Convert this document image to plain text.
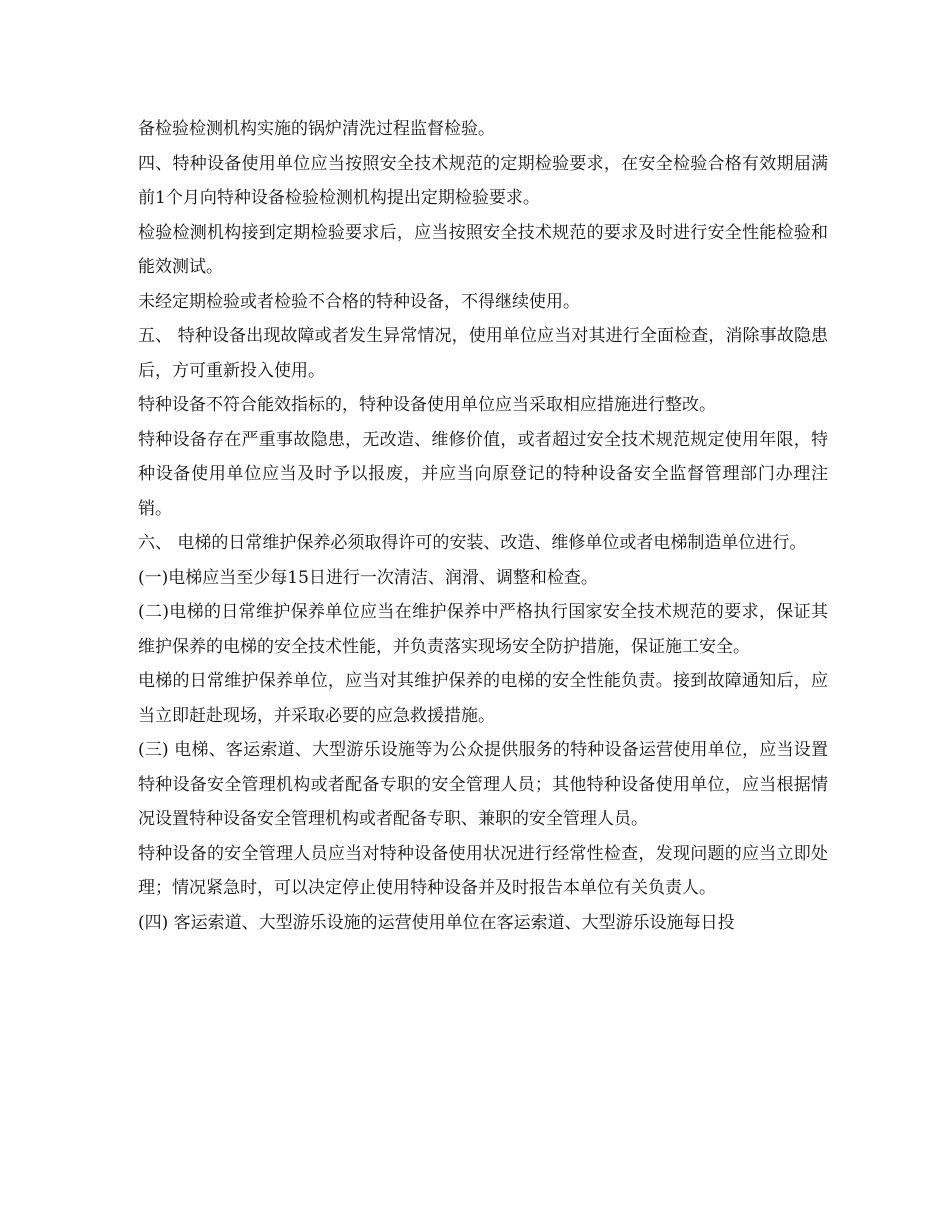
备检验检测机构实施的锅炉清洗过程监督检验。

四、特种设备使用单位应当按照安全技术规范的定期检验要求，在安全检验合格有效期届满前1个月向特种设备检验检测机构提出定期检验要求。

检验检测机构接到定期检验要求后，应当按照安全技术规范的要求及时进行安全性能检验和能效测试。

未经定期检验或者检验不合格的特种设备，不得继续使用。

五、 特种设备出现故障或者发生异常情况，使用单位应当对其进行全面检查，消除事故隐患后，方可重新投入使用。

特种设备不符合能效指标的，特种设备使用单位应当采取相应措施进行整改。

特种设备存在严重事故隐患，无改造、维修价值，或者超过安全技术规范规定使用年限，特种设备使用单位应当及时予以报废，并应当向原登记的特种设备安全监督管理部门办理注销。

六、 电梯的日常维护保养必须取得许可的安装、改造、维修单位或者电梯制造单位进行。

(一)电梯应当至少每15日进行一次清洁、润滑、调整和检查。

(二)电梯的日常维护保养单位应当在维护保养中严格执行国家安全技术规范的要求，保证其维护保养的电梯的安全技术性能，并负责落实现场安全防护措施，保证施工安全。

电梯的日常维护保养单位，应当对其维护保养的电梯的安全性能负责。接到故障通知后，应当立即赶赴现场，并采取必要的应急救援措施。

(三) 电梯、客运索道、大型游乐设施等为公众提供服务的特种设备运营使用单位，应当设置特种设备安全管理机构或者配备专职的安全管理人员；其他特种设备使用单位，应当根据情况设置特种设备安全管理机构或者配备专职、兼职的安全管理人员。

特种设备的安全管理人员应当对特种设备使用状况进行经常性检查，发现问题的应当立即处理；情况紧急时，可以决定停止使用特种设备并及时报告本单位有关负责人。

(四) 客运索道、大型游乐设施的运营使用单位在客运索道、大型游乐设施每日投
